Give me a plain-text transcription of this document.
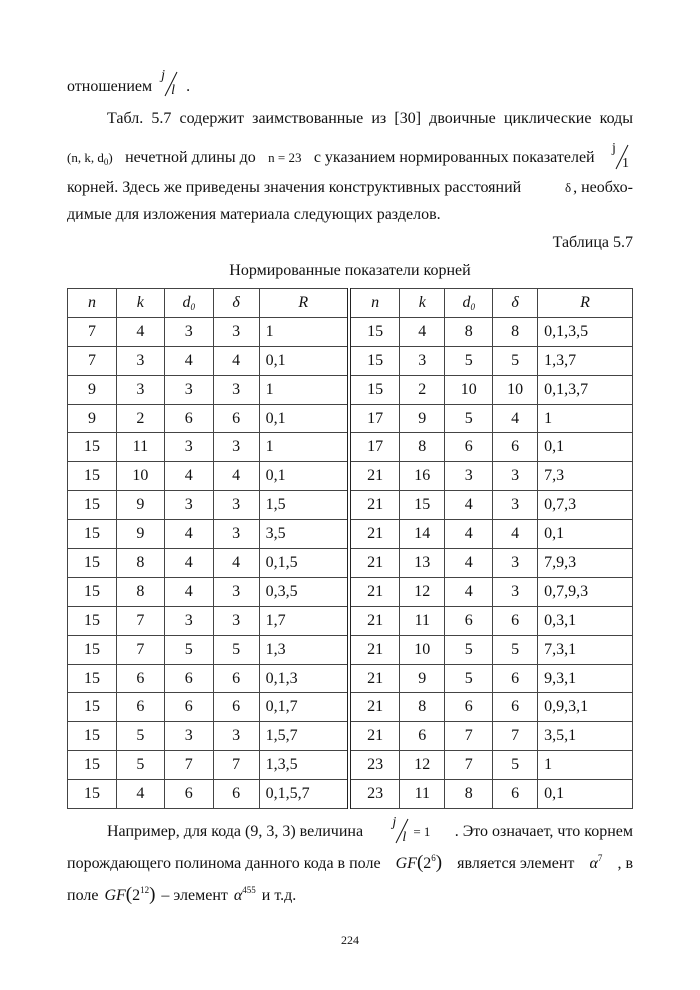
отношением
j
l .
Табл. 5.7 содержит заимствованные из [30] двоичные циклические коды
(n, k, $d_0$) нечетной длины до n = 23 с указанием нормированных показателей
j
1
корней. Здесь же приведены значения конструктивных расстояний	δ , необхо-
димые для изложения материала следующих разделов.
Таблица 5.7
Нормированные показатели корней
n	k	$d_0$	δ	R	n	k	$d_0$	δ	R
7	4	3	3	1	15	4	8	8	0,1,3,5
7	3	4	4	0,1	15	3	5	5	1,3,7
9	3	3	3	1	15	2	10	10	0,1,3,7
9	2	6	6	0,1	17	9	5	4	1
15	11	3	3	1	17	8	6	6	0,1
15	10	4	4	0,1	21	16	3	3	7,3
15	9	3	3	1,5	21	15	4	3	0,7,3
15	9	4	3	3,5	21	14	4	4	0,1
15	8	4	4	0,1,5	21	13	4	3	7,9,3
15	8	4	3	0,3,5	21	12	4	3	0,7,9,3
15	7	3	3	1,7	21	11	6	6	0,3,1
15	7	5	5	1,3	21	10	5	5	7,3,1
15	6	6	6	0,1,3	21	9	5	6	9,3,1
15	6	6	6	0,1,7	21	8	6	6	0,9,3,1
15	5	3	3	1,5,7	21	6	7	7	3,5,1
15	5	7	7	1,3,5	23	12	7	5	1
15	4	6	6	0,1,5,7	23	11	8	6	0,1
Например, для кода (9, 3, 3) величина
j
l = 1 . Это означает, что корнем
порождающего полинома данного кода в поле $GF(2^6)$ является элемент $\alpha^7$ , в
поле $GF(2^{12})$ – элемент $\alpha^{455}$ и т.д.
224
